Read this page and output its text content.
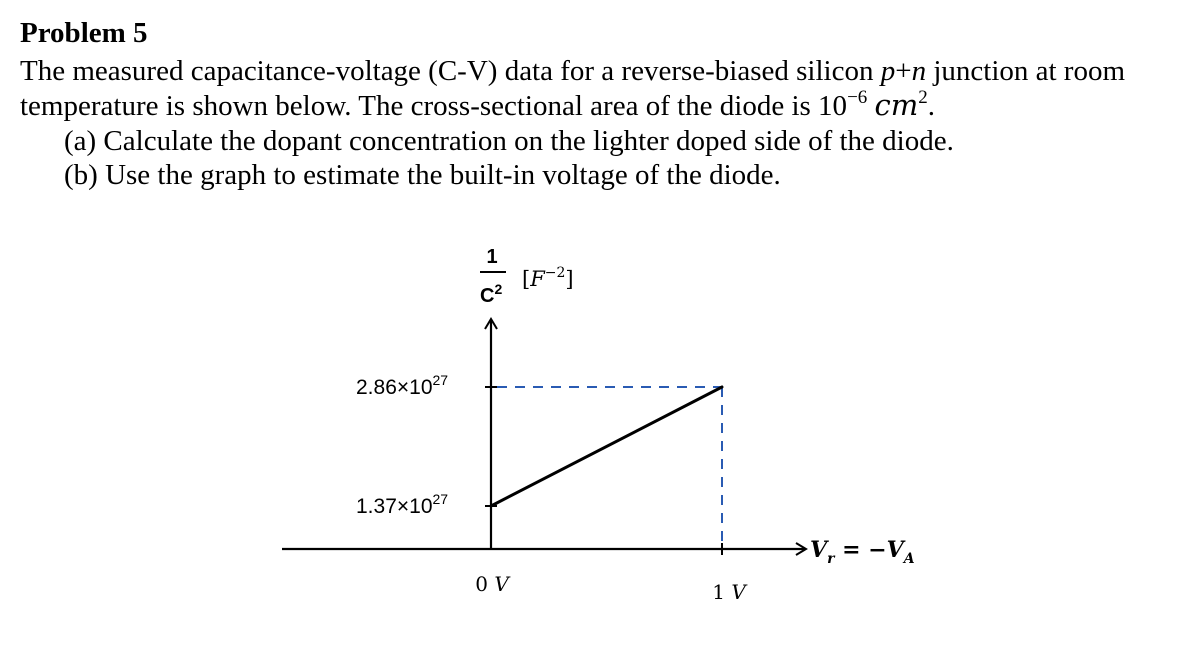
Problem 5
The measured capacitance-voltage (C-V) data for a reverse-biased silicon p+n junction at room
temperature is shown below. The cross-sectional area of the diode is $10^{-6}$ $cm^2$.
(a) Calculate the dopant concentration on the lighter doped side of the diode.
(b) Use the graph to estimate the built-in voltage of the diode.
1
$C^2$ $[F^{-2}]$
$2.86\times 10^{27}$
$1.37\times 10^{27}$
$V_r = -V_A$
0 V	1 V
